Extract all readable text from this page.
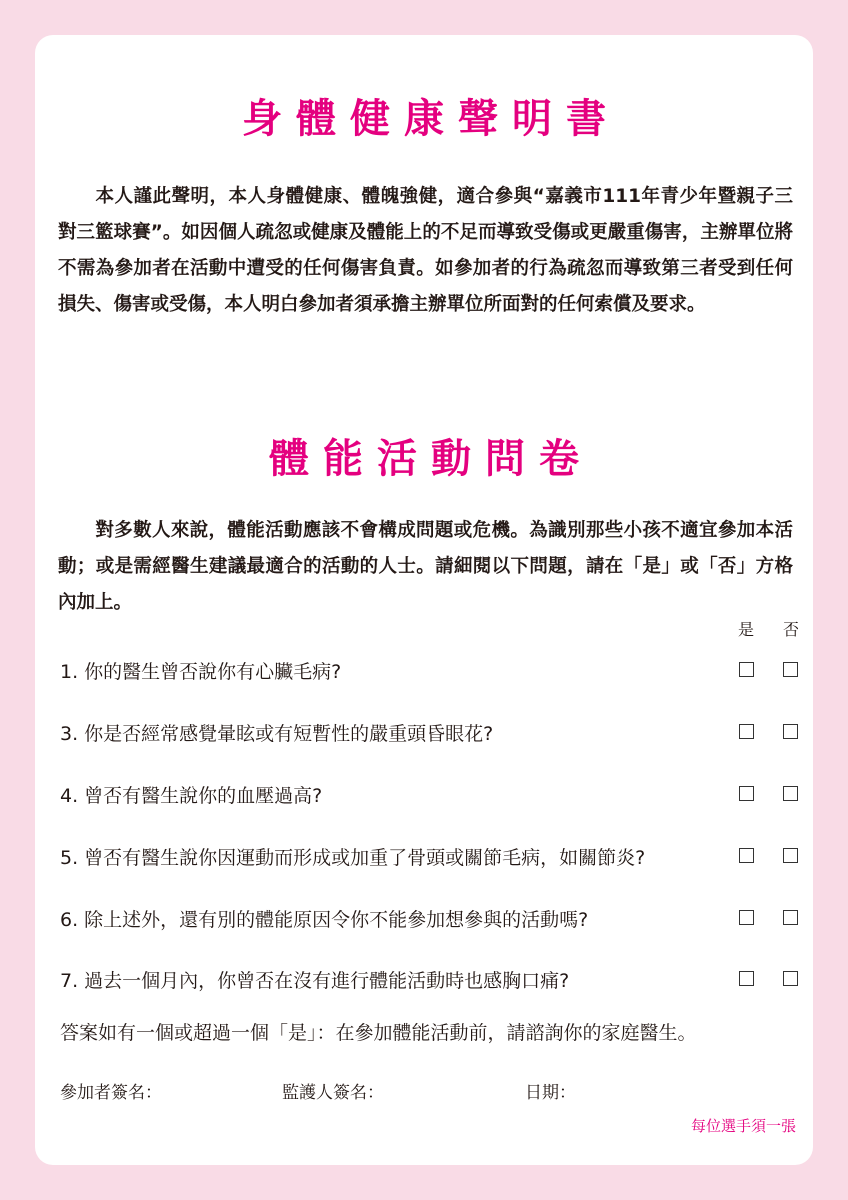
身體健康聲明書

本人謹此聲明，本人身體健康、體魄強健，適合參與“嘉義市111年青少年暨親子三對三籃球賽”。如因個人疏忽或健康及體能上的不足而導致受傷或更嚴重傷害，主辦單位將不需為參加者在活動中遭受的任何傷害負責。如參加者的行為疏忽而導致第三者受到任何損失、傷害或受傷，本人明白參加者須承擔主辦單位所面對的任何索償及要求。

體能活動問卷

對多數人來說，體能活動應該不會構成問題或危機。為識別那些小孩不適宜參加本活動；或是需經醫生建議最適合的活動的人士。請細閱以下問題，請在「是」或「否」方格內加上。

是 否
1. 你的醫生曾否說你有心臟毛病?
3. 你是否經常感覺暈眩或有短暫性的嚴重頭昏眼花?
4. 曾否有醫生說你的血壓過高?
5. 曾否有醫生說你因運動而形成或加重了骨頭或關節毛病，如關節炎?
6. 除上述外，還有別的體能原因令你不能參加想參與的活動嗎?
7. 過去一個月內，你曾否在沒有進行體能活動時也感胸口痛?
答案如有一個或超過一個「是」：在參加體能活動前，請諮詢你的家庭醫生。
參加者簽名：	監護人簽名：	日期：
每位選手須一張
